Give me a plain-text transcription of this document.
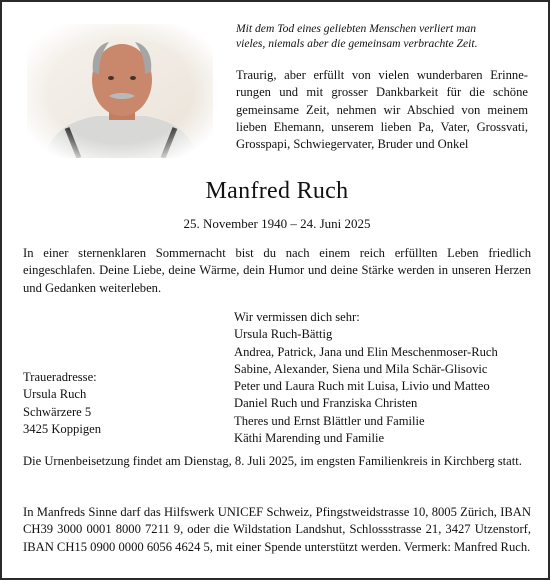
Mit dem Tod eines geliebten Menschen verliert man
vieles, niemals aber die gemeinsam verbrachte Zeit.
Traurig, aber erfüllt von vielen wunderbaren Erinnerungen und mit grosser Dankbarkeit für die schöne gemeinsame Zeit, nehmen wir Abschied von meinem lieben Ehemann, unserem lieben Pa, Vater, Grossvati, Grosspapi, Schwiegervater, Bruder und Onkel
Manfred Ruch
25. November 1940 – 24. Juni 2025
In einer sternenklaren Sommernacht bist du nach einem reich erfüllten Leben friedlich eingeschlafen. Deine Liebe, deine Wärme, dein Humor und deine Stärke werden in unseren Herzen und Gedanken weiterleben.
Wir vermissen dich sehr:
Ursula Ruch-Bättig
Andrea, Patrick, Jana und Elin Meschenmoser-Ruch
Sabine, Alexander, Siena und Mila Schär-Glisovic
Peter und Laura Ruch mit Luisa, Livio und Matteo
Daniel Ruch und Franziska Christen
Theres und Ernst Blättler und Familie
Käthi Marending und Familie
Traueradresse:
Ursula Ruch
Schwärzere 5
3425 Koppigen
Die Urnenbeisetzung findet am Dienstag, 8. Juli 2025, im engsten Familienkreis in Kirchberg statt.
In Manfreds Sinne darf das Hilfswerk UNICEF Schweiz, Pfingstweidstrasse 10, 8005 Zürich, IBAN CH39 3000 0001 8000 7211 9, oder die Wildstation Landshut, Schlossstrasse 21, 3427 Utzenstorf, IBAN CH15 0900 0000 6056 4624 5, mit einer Spende unterstützt werden. Vermerk: Manfred Ruch.
